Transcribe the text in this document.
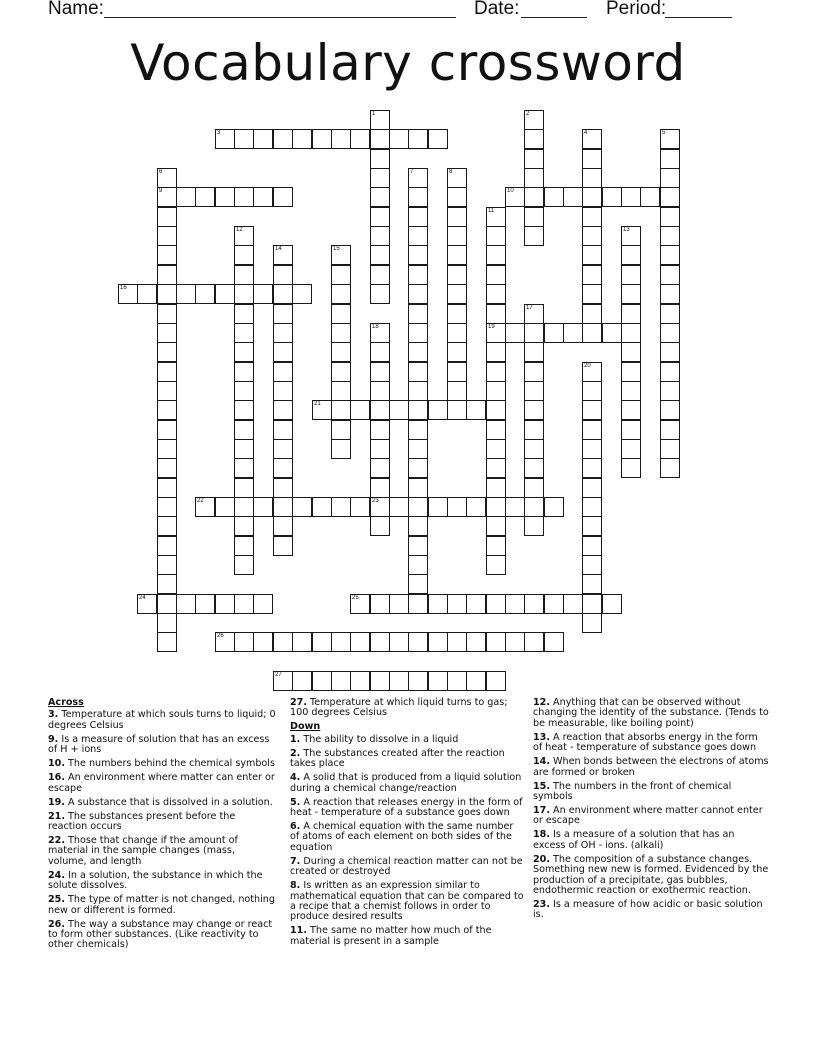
Name:	Date:	Period:
Vocabulary crossword
1	2
3	4	5
6
9
7	8
10
11
19
12	13
14	15
16
17
18
23
20
21
22
24	25
26
27
Across
3. Temperature at which souls turns to liquid; 0 degrees Celsius
9. Is a measure of solution that has an excess of H + ions
10. The numbers behind the chemical symbols
16. An environment where matter can enter or escape
19. A substance that is dissolved in a solution.
21. The substances present before the reaction occurs
22. Those that change if the amount of material in the sample changes (mass, volume, and length
24. In a solution, the substance in which the solute dissolves.
25. The type of matter is not changed, nothing new or different is formed.
26. The way a substance may change or react to form other substances. (Like reactivity to other chemicals)
27. Temperature at which liquid turns to gas; 100 degrees Celsius
Down
1. The ability to dissolve in a liquid
2. The substances created after the reaction takes place
4. A solid that is produced from a liquid solution during a chemical change/reaction
5. A reaction that releases energy in the form of heat - temperature of a substance goes down
6. A chemical equation with the same number of atoms of each element on both sides of the equation
7. During a chemical reaction matter can not be created or destroyed
8. Is written as an expression similar to mathematical equation that can be compared to a recipe that a chemist follows in order to produce desired results
11. The same no matter how much of the material is present in a sample
12. Anything that can be observed without changing the identity of the substance. (Tends to be measurable, like boiling point)
13. A reaction that absorbs energy in the form of heat - temperature of substance goes down
14. When bonds between the electrons of atoms are formed or broken
15. The numbers in the front of chemical symbols
17. An environment where matter cannot enter or escape
18. Is a measure of a solution that has an excess of OH - ions. (alkali)
20. The composition of a substance changes. Something new new is formed. Evidenced by the production of a precipitate, gas bubbles, endothermic reaction or exothermic reaction.
23. Is a measure of how acidic or basic solution is.
